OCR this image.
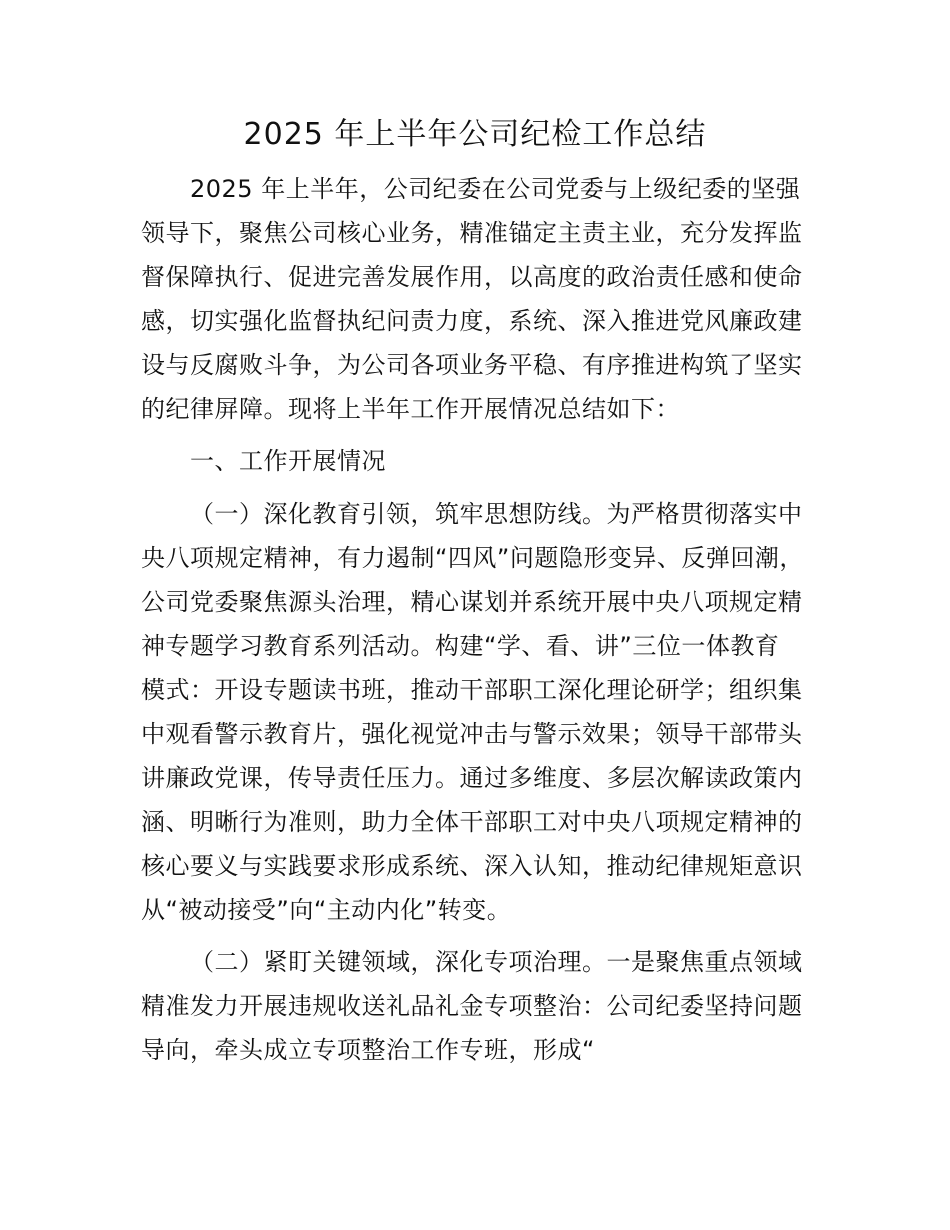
2025 年上半年公司纪检工作总结
2025 年上半年，公司纪委在公司党委与上级纪委的坚强
领导下，聚焦公司核心业务，精准锚定主责主业，充分发挥监
督保障执行、促进完善发展作用，以高度的政治责任感和使命
感，切实强化监督执纪问责力度，系统、深入推进党风廉政建
设与反腐败斗争，为公司各项业务平稳、有序推进构筑了坚实
的纪律屏障。现将上半年工作开展情况总结如下：
一、工作开展情况
（一）深化教育引领，筑牢思想防线。为严格贯彻落实中
央八项规定精神，有力遏制“四风”问题隐形变异、反弹回潮，
公司党委聚焦源头治理，精心谋划并系统开展中央八项规定精
神专题学习教育系列活动。构建“学、看、讲”三位一体教育
模式：开设专题读书班，推动干部职工深化理论研学；组织集
中观看警示教育片，强化视觉冲击与警示效果；领导干部带头
讲廉政党课，传导责任压力。通过多维度、多层次解读政策内
涵、明晰行为准则，助力全体干部职工对中央八项规定精神的
核心要义与实践要求形成系统、深入认知，推动纪律规矩意识
从“被动接受”向“主动内化”转变。
（二）紧盯关键领域，深化专项治理。一是聚焦重点领域
精准发力开展违规收送礼品礼金专项整治：公司纪委坚持问题
导向，牵头成立专项整治工作专班，形成“
